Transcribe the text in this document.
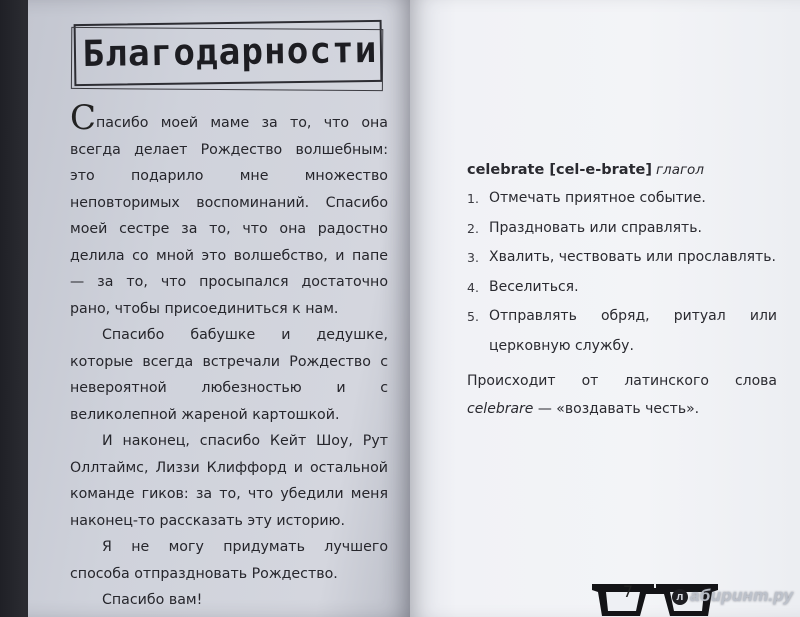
Благодарности

Спасибо моей маме за то, что она всегда делает Рождество волшебным: это подарило мне множество неповторимых воспоминаний. Спасибо моей сестре за то, что она радостно делила со мной это волшебство, и папе — за то, что просыпался достаточно рано, чтобы присоединиться к нам.

Спасибо бабушке и дедушке, которые всегда встречали Рождество с невероятной любезностью и с великолепной жареной картошкой.

И наконец, спасибо Кейт Шоу, Рут Оллтаймс, Лиззи Клиффорд и остальной команде гиков: за то, что убедили меня наконец-то рассказать эту историю.

Я не могу придумать лучшего способа отпраздновать Рождество.

Спасибо вам!

celebrate [cel-e-brate] глагол
1. Отмечать приятное событие.
2. Праздновать или справлять.
3. Хвалить, чествовать или прославлять.
4. Веселиться.
5. Отправлять обряд, ритуал или церковную службу.
Происходит от латинского слова celebrare — «воздавать честь».
7	л абиринт.ру
